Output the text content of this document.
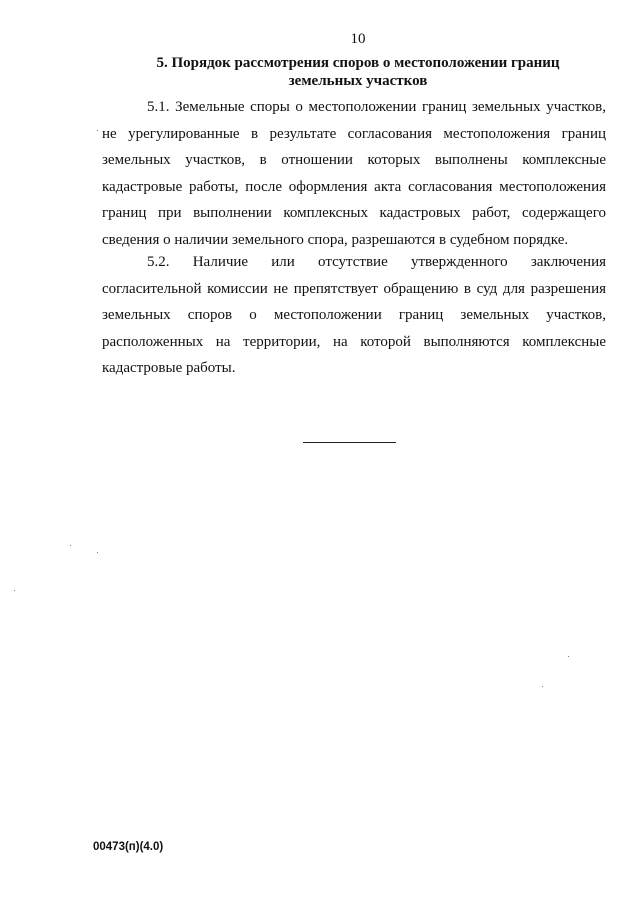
10
5. Порядок рассмотрения споров о местоположении границ
земельных участков

5.1. Земельные споры о местоположении границ земельных участков,
не урегулированные в результате согласования местоположения границ
земельных участков, в отношении которых выполнены комплексные
кадастровые работы, после оформления акта согласования местоположения
границ при выполнении комплексных кадастровых работ, содержащего
сведения о наличии земельного спора, разрешаются в судебном порядке.

5.2. Наличие или отсутствие утвержденного заключения
согласительной комиссии не препятствует обращению в суд для разрешения
земельных споров о местоположении границ земельных участков,
расположенных на территории, на которой выполняются комплексные
кадастровые работы.

00473(п)(4.0)
